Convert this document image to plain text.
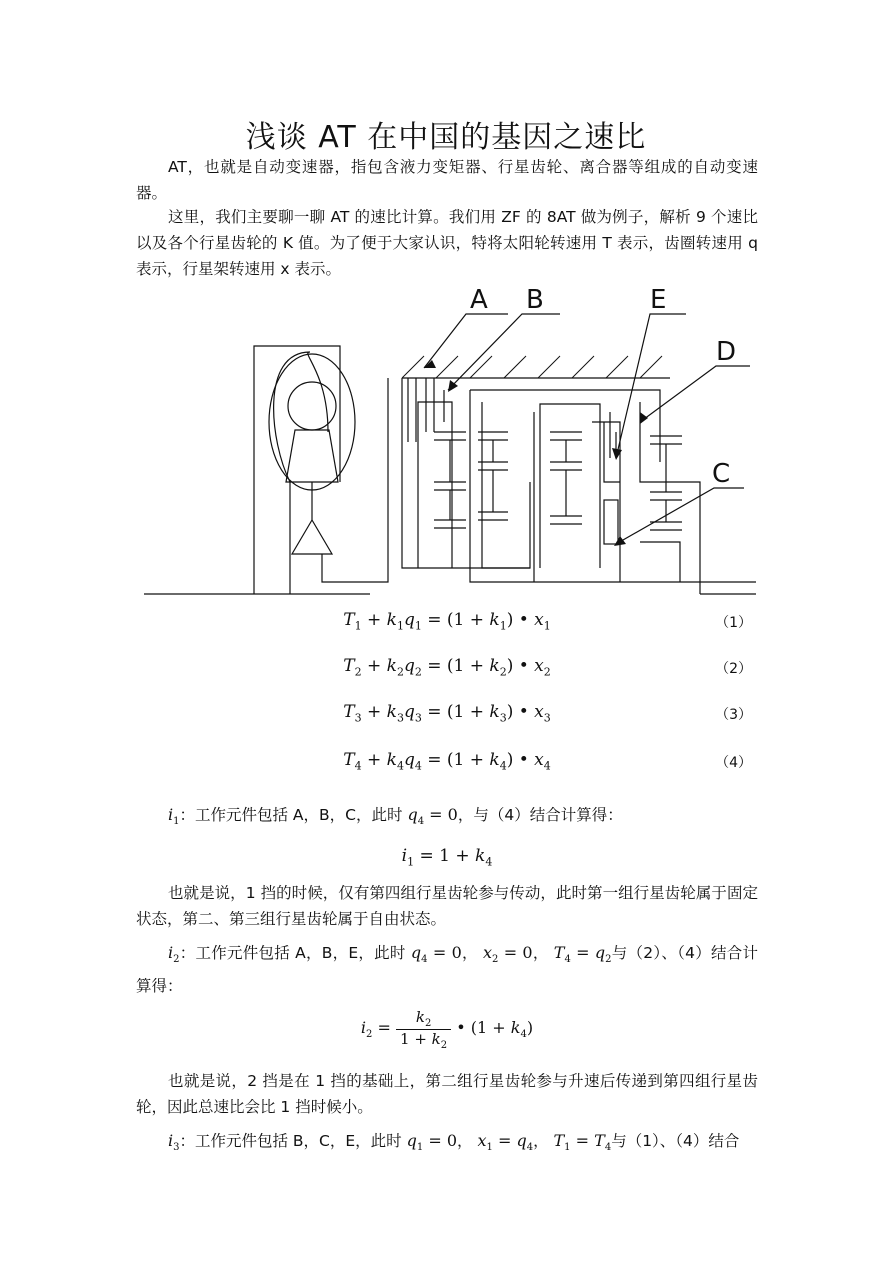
浅谈 AT 在中国的基因之速比

AT，也就是自动变速器，指包含液力变矩器、行星齿轮、离合器等组成的自动变速器。

这里，我们主要聊一聊 AT 的速比计算。我们用 ZF 的 8AT 做为例子，解析 9 个速比以及各个行星齿轮的 K 值。为了便于大家认识，特将太阳轮转速用 T 表示，齿圈转速用 q 表示，行星架转速用 x 表示。

A B	E
D
C
$T_1 + k_1q_1 = (1 + k_1)$ • $x_1$	（1）
$T_2 + k_2q_2 = (1 + k_2)$ • $x_2$	（2）
$T_3 + k_3q_3 = (1 + k_3)$ • $x_3$	（3）
$T_4 + k_4q_4 = (1 + k_4)$ • $x_4$	（4）

$i_1$：工作元件包括 A，B，C，此时 $q_4 = 0$，与（4）结合计算得：

$i_1 = 1 + k_4$

也就是说，1 挡的时候，仅有第四组行星齿轮参与传动，此时第一组行星齿轮属于固定状态，第二、第三组行星齿轮属于自由状态。

$i_2$：工作元件包括 A，B，E，此时 $q_4 = 0$， $x_2 = 0$， $T_4 = q_2$与（2）、（4）结合计算得：

$i_2 = \frac{k_2}{1 + k_2}$ • $(1 + k_4)$

也就是说，2 挡是在 1 挡的基础上，第二组行星齿轮参与升速后传递到第四组行星齿轮，因此总速比会比 1 挡时候小。

$i_3$：工作元件包括 B，C，E，此时 $q_1 = 0$， $x_1 = q_4$， $T_1 = T_4$与（1）、（4）结合
